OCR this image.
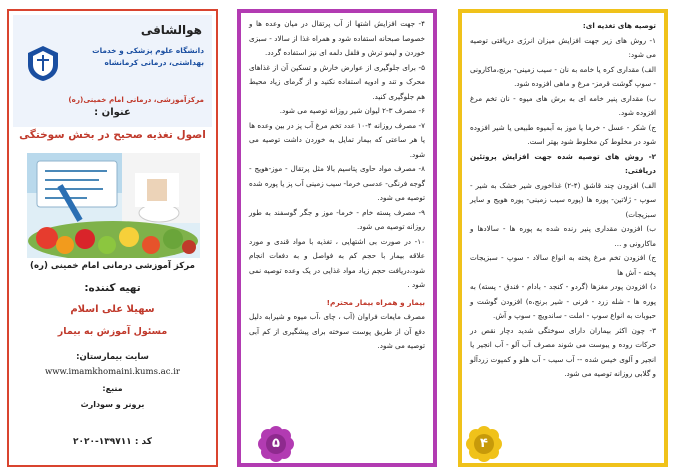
هوالشافی
دانشگاه علوم پزشکی و خدمات بهداشتی، درمانی کرمانشاه
مرکزآموزشی، درمانی امام خمینی(ره)
عنوان :
اصول تغذیه صحیح در بخش سوختگی
مرکز آموزشی درمانی امام خمینی (ره)
تهیه کننده:
سهیلا علی اسلام
مسئول آموزش به بیمار
سایت بیمارستان:
www.imamkhomaini.kums.ac.ir
منبع:
برونر و سودارث
کد : ۱۳۹۷۱۱-۲۰۲۰

۴- جهت افزایش اشتها از آب پرتقال در میان وعده ها و خصوصا صبحانه استفاده شود و همراه غذا از سالاد - سبزی خوردن و لیمو ترش و فلفل دلمه ای نیز استفاده گردد.

۵- برای جلوگیری از عوارض خارش و تسکین آن از غذاهای محرک و تند و ادویه استفاده نکنید و از گرمای زیاد محیط هم جلوگیری کنید.

۶- مصرف ۳-۲ لیوان شیر روزانه توصیه می شود.

۷- مصرف روزانه ۴-۱۰ عدد تخم مرغ آب پز در بین وعده ها یا هر ساعتی که بیمار تمایل به خوردن داشت توصیه می شود.

۸- مصرف مواد حاوی پتاسیم بالا مثل پرتقال - موز-هویج - گوجه فرنگی- عدسی خرما- سیب زمینی آب پز یا پوره شده توصیه می شود.

۹- مصرف پسته خام - خرما- موز و جگر گوسفند به طور روزانه توصیه می شود.

۱۰- در صورت بی اشتهایی ، تغذیه با مواد قندی و مورد علاقه بیمار با حجم کم به فواصل و به دفعات انجام شود،دریافت حجم زیاد مواد غذایی در یک وعده توصیه نمی شود .

بیمار و همراه بیمار محترم!

مصرف مایعات فراوان (آب ، چای ،آب میوه و شیرابه دلیل دفع آن از طریق پوست سوخته برای پیشگیری از کم آبی توصیه می شود.

توصیه های تغذیه ای:

۱- روش های زیر جهت افزایش میزان انرژی دریافتی توصیه می شود:

الف) مقداری کره یا خامه به نان - سیب زمینی- برنج،ماکارونی - سوپ گوشت قرمز- مرغ و ماهی افزوده شود.

ب) مقداری پنیر خامه ای به برش های میوه - نان تخم مرغ افزوده شود.

ج) شکر - عسل - خرما یا موز به آبمیوه طبیعی یا شیر افزوده شود در مخلوط کن مخلوط شود بهتر است.

۲- روش های توصیه شده جهت افزایش پروتئین دریافتی:

الف) افزودن چند قاشق (۴-۲) غذاخوری شیر خشک به شیر - سوپ - ژلاتین- پوره ها (پوره سیب زمینی- پوره هویج و سایر سبزیجات)

ب) افزودن مقداری پنیر رنده شده به پوره ها - سالادها و ماکارونی و ...

ج) افزودن تخم مرغ پخته به انواع سالاد - سوپ - سبزیجات پخته - آش ها

د) افزودن پودر مغزها (گردو - کنجد - بادام - فندق - پسته) به پوره ها - شله زرد - فرنی - شیر برنج،ه) افزودن گوشت و حبوبات به انواع سوپ - املت - ساندویچ - سوپ و آش.

۳- چون اکثر بیماران دارای سوختگی شدید دچار نقص در حرکات روده و یبوست می شوند مصرف آب آلو - آب انجیر یا انجیر و آلوی خیس شده -- آب سیب - آب هلو و کمپوت زردآلو و گلابی روزانه توصیه می شود.

۵	۴
